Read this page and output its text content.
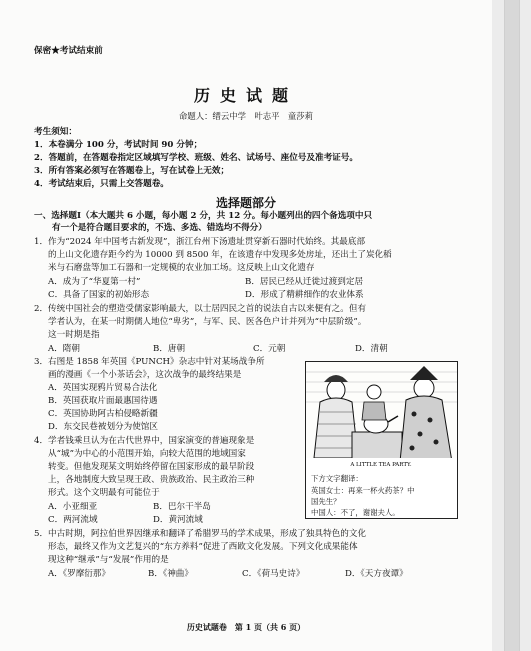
保密★考试结束前
历史试题
命题人：缙云中学　叶志平　童莎莉
考生须知：
1．本卷满分 100 分，考试时间 90 分钟；
2．答题前，在答题卷指定区域填写学校、班级、姓名、试场号、座位号及准考证号。
3．所有答案必须写在答题卷上，写在试卷上无效；
4．考试结束后，只需上交答题卷。
选择题部分
一、选择题Ⅰ（本大题共 6 小题，每小题 2 分，共 12 分。每小题列出的四个备选项中只
有一个是符合题目要求的，不选、多选、错选均不得分）
1．作为“2024 年中国考古新发现”，浙江台州下汤遗址贯穿新石器时代始终。其最底部
的上山文化遗存距今约为 10000 到 8500 年，在该遗存中发现多处房址，还出土了炭化稻
米与石磨盘等加工石器和一定规模的农业加工场。这反映上山文化遗存
A．成为了“华夏第一村”	B．居民已经从迁徙过渡到定居
C．具备了国家的初始形态	D．形成了精耕细作的农业体系
2．传统中国社会的塑造受儒家影响最大，以士居四民之首的说法自古以来便有之。但有
学者认为，在某一时期儒人地位“卑劣”，与军、民、医各色户计并列为“中层阶级”。
这一时期是指
A．隋朝	B．唐朝	C．元朝	D．清朝
3．右图是 1858 年英国《PUNCH》杂志中针对某场战争所
画的漫画《一个小茶话会》，这次战争的最终结果是
A．英国实现鸦片贸易合法化
B．英国获取片面最惠国待遇
C．英国协助阿古柏侵略新疆
D．东交民巷被划分为使馆区
A LITTLE TEA PARTY.
下方文字翻译：
英国女士：再来一杯火药茶？中
国先生？
中国人：不了，谢谢夫人。
4．学者钱乘旦认为在古代世界中，国家演变的普遍现象是
从“城”为中心的小范围开始，向较大范围的地域国家
转变。但他发现某文明始终停留在国家形成的最早阶段
上，各地制度大致呈现王政、贵族政治、民主政治三种
形式。这个文明最有可能位于
A．小亚细亚	B．巴尔干半岛
C．两河流域	D．黄河流域
5．中古时期，阿拉伯世界因继承和翻译了希腊罗马的学术成果，形成了独具特色的文化
形态，最终又作为文艺复兴的“东方养料”促进了西欧文化发展。下列文化成果能体
现这种“继承”与“发展”作用的是
A．《罗摩衍那》	B．《神曲》	C．《荷马史诗》	D．《天方夜谭》
历史试题卷　第 1 页（共 6 页）
